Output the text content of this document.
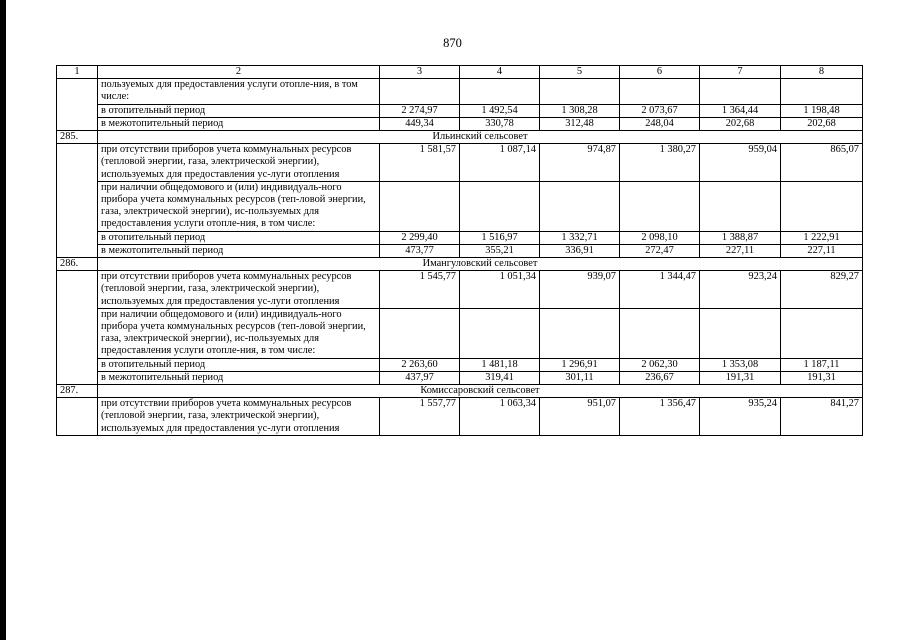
870
1	2	3	4	5	6	7	8
	пользуемых для предоставления услуги отопле-ния, в том числе:						
	в отопительный период	2 274,97	1 492,54	1 308,28	2 073,67	1 364,44	1 198,48
	в межотопительный период	449,34	330,78	312,48	248,04	202,68	202,68
285.	Ильинский сельсовет						
	при отсутствии приборов учета коммунальных ресурсов (тепловой энергии, газа, электрической энергии), используемых для предоставления ус-луги отопления	1 581,57	1 087,14	974,87	1 380,27	959,04	865,07
	при наличии общедомового и (или) индивидуаль-ного прибора учета коммунальных ресурсов (теп-ловой энергии, газа, электрической энергии), ис-пользуемых для предоставления услуги отопле-ния, в том числе:						
	в отопительный период	2 299,40	1 516,97	1 332,71	2 098,10	1 388,87	1 222,91
	в межотопительный период	473,77	355,21	336,91	272,47	227,11	227,11
286.	Имангуловский сельсовет						
	при отсутствии приборов учета коммунальных ресурсов (тепловой энергии, газа, электрической энергии), используемых для предоставления ус-луги отопления	1 545,77	1 051,34	939,07	1 344,47	923,24	829,27
	при наличии общедомового и (или) индивидуаль-ного прибора учета коммунальных ресурсов (теп-ловой энергии, газа, электрической энергии), ис-пользуемых для предоставления услуги отопле-ния, в том числе:						
	в отопительный период	2 263,60	1 481,18	1 296,91	2 062,30	1 353,08	1 187,11
	в межотопительный период	437,97	319,41	301,11	236,67	191,31	191,31
287.	Комиссаровский сельсовет						
	при отсутствии приборов учета коммунальных ресурсов (тепловой энергии, газа, электрической энергии), используемых для предоставления ус-луги отопления	1 557,77	1 063,34	951,07	1 356,47	935,24	841,27
